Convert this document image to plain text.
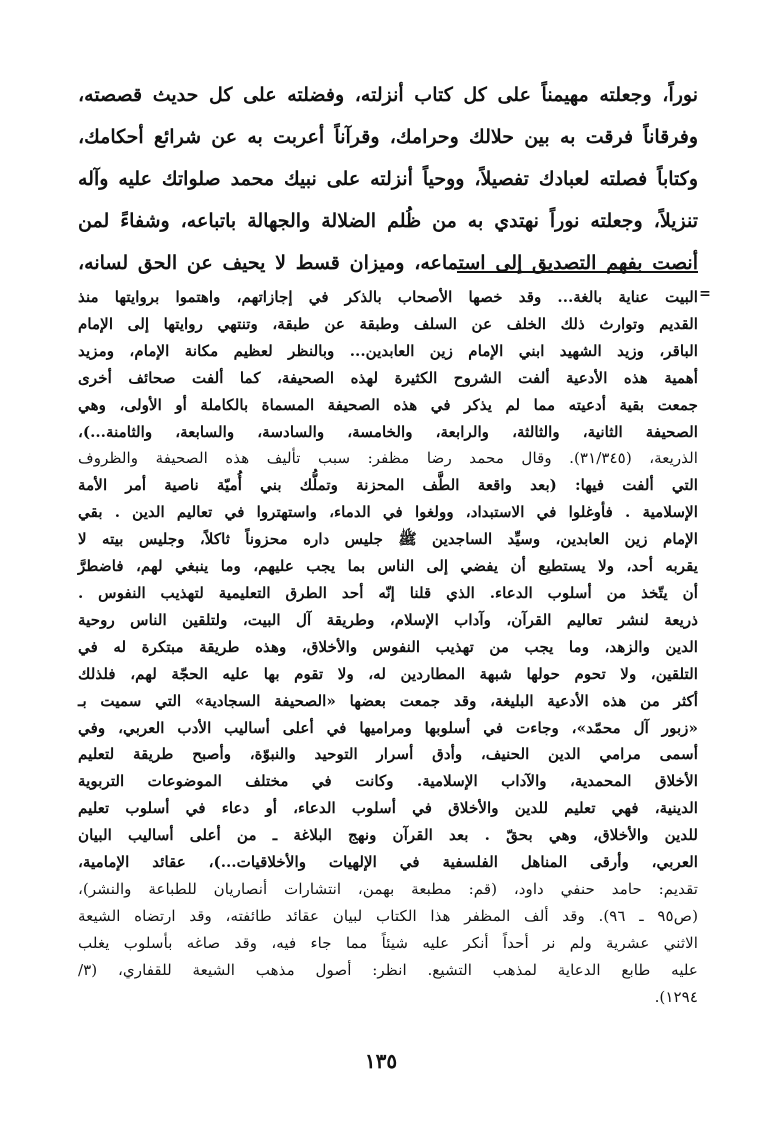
نوراً، وجعلته مهيمناً على كل كتاب أنزلته، وفضلته على كل حديث قصصته،
وفرقاناً فرقت به بين حلالك وحرامك، وقرآناً أعربت به عن شرائع أحكامك،
وكتاباً فصلته لعبادك تفصيلاً، ووحياً أنزلته على نبيك محمد صلواتك عليه وآله
تنزيلاً، وجعلته نوراً نهتدي به من ظُلم الضلالة والجهالة باتباعه، وشفاءً لمن
أنصت بفهم التصديق إلى استماعه، وميزان قسط لا يحيف عن الحق لسانه،
=
البيت عناية بالغة... وقد خصها الأصحاب بالذكر في إجازاتهم، واهتموا بروايتها منذ
القديم وتوارث ذلك الخلف عن السلف وطبقة عن طبقة، وتنتهي روايتها إلى الإمام
الباقر، وزيد الشهيد ابني الإمام زين العابدين... وبالنظر لعظيم مكانة الإمام، ومزيد
أهمية هذه الأدعية ألفت الشروح الكثيرة لهذه الصحيفة، كما ألفت صحائف أخرى
جمعت بقية أدعيته مما لم يذكر في هذه الصحيفة المسماة بالكاملة أو الأولى، وهي
الصحيفة الثانية، والثالثة، والرابعة، والخامسة، والسادسة، والسابعة، والثامنة...)،
الذريعة، (٣١/٣٤٥). وقال محمد رضا مظفر: سبب تأليف هذه الصحيفة والظروف
التي ألفت فيها: (بعد واقعة الطَّف المحزنة وتملُّك بني أُميّة ناصية أمر الأمة
الإسلامية . فأوغلوا في الاستبداد، وولغوا في الدماء، واستهتروا في تعاليم الدين . بقي
الإمام زين العابدين، وسيِّد الساجدين ﷺ جليس داره محزوناً ثاكلاً، وجليس بيته لا
يقربه أحد، ولا يستطيع أن يفضي إلى الناس بما يجب عليهم، وما ينبغي لهم، فاضطرَّ
أن يتّخذ من أسلوب الدعاء. الذي قلنا إنّه أحد الطرق التعليمية لتهذيب النفوس .
ذريعة لنشر تعاليم القرآن، وآداب الإسلام، وطريقة آل البيت، ولتلقين الناس روحية
الدين والزهد، وما يجب من تهذيب النفوس والأخلاق، وهذه طريقة مبتكرة له في
التلقين، ولا تحوم حولها شبهة المطاردين له، ولا تقوم بها عليه الحجّة لهم، فلذلك
أكثر من هذه الأدعية البليغة، وقد جمعت بعضها «الصحيفة السجادية» التي سميت بـ
«زبور آل محمّد»، وجاءت في أسلوبها ومراميها في أعلى أساليب الأدب العربي، وفي
أسمى مرامي الدين الحنيف، وأدق أسرار التوحيد والنبوّة، وأصبح طريقة لتعليم
الأخلاق المحمدية، والآداب الإسلامية. وكانت في مختلف الموضوعات التربوية
الدينية، فهي تعليم للدين والأخلاق في أسلوب الدعاء، أو دعاء في أسلوب تعليم
للدين والأخلاق، وهي بحقّ . بعد القرآن ونهج البلاغة ـ من أعلى أساليب البيان
العربي، وأرقى المناهل الفلسفية في الإلهيات والأخلاقيات...)، عقائد الإمامية،
تقديم: حامد حنفي داود، (قم: مطبعة بهمن، انتشارات أنصاريان للطباعة والنشر)،
(ص٩٥ ـ ٩٦). وقد ألف المظفر هذا الكتاب لبيان عقائد طائفته، وقد ارتضاه الشيعة
الاثني عشرية ولم نر أحداً أنكر عليه شيئاً مما جاء فيه، وقد صاغه بأسلوب يغلب
عليه طابع الدعاية لمذهب التشيع. انظر: أصول مذهب الشيعة للقفاري، (٣/
١٢٩٤).
١٣٥
